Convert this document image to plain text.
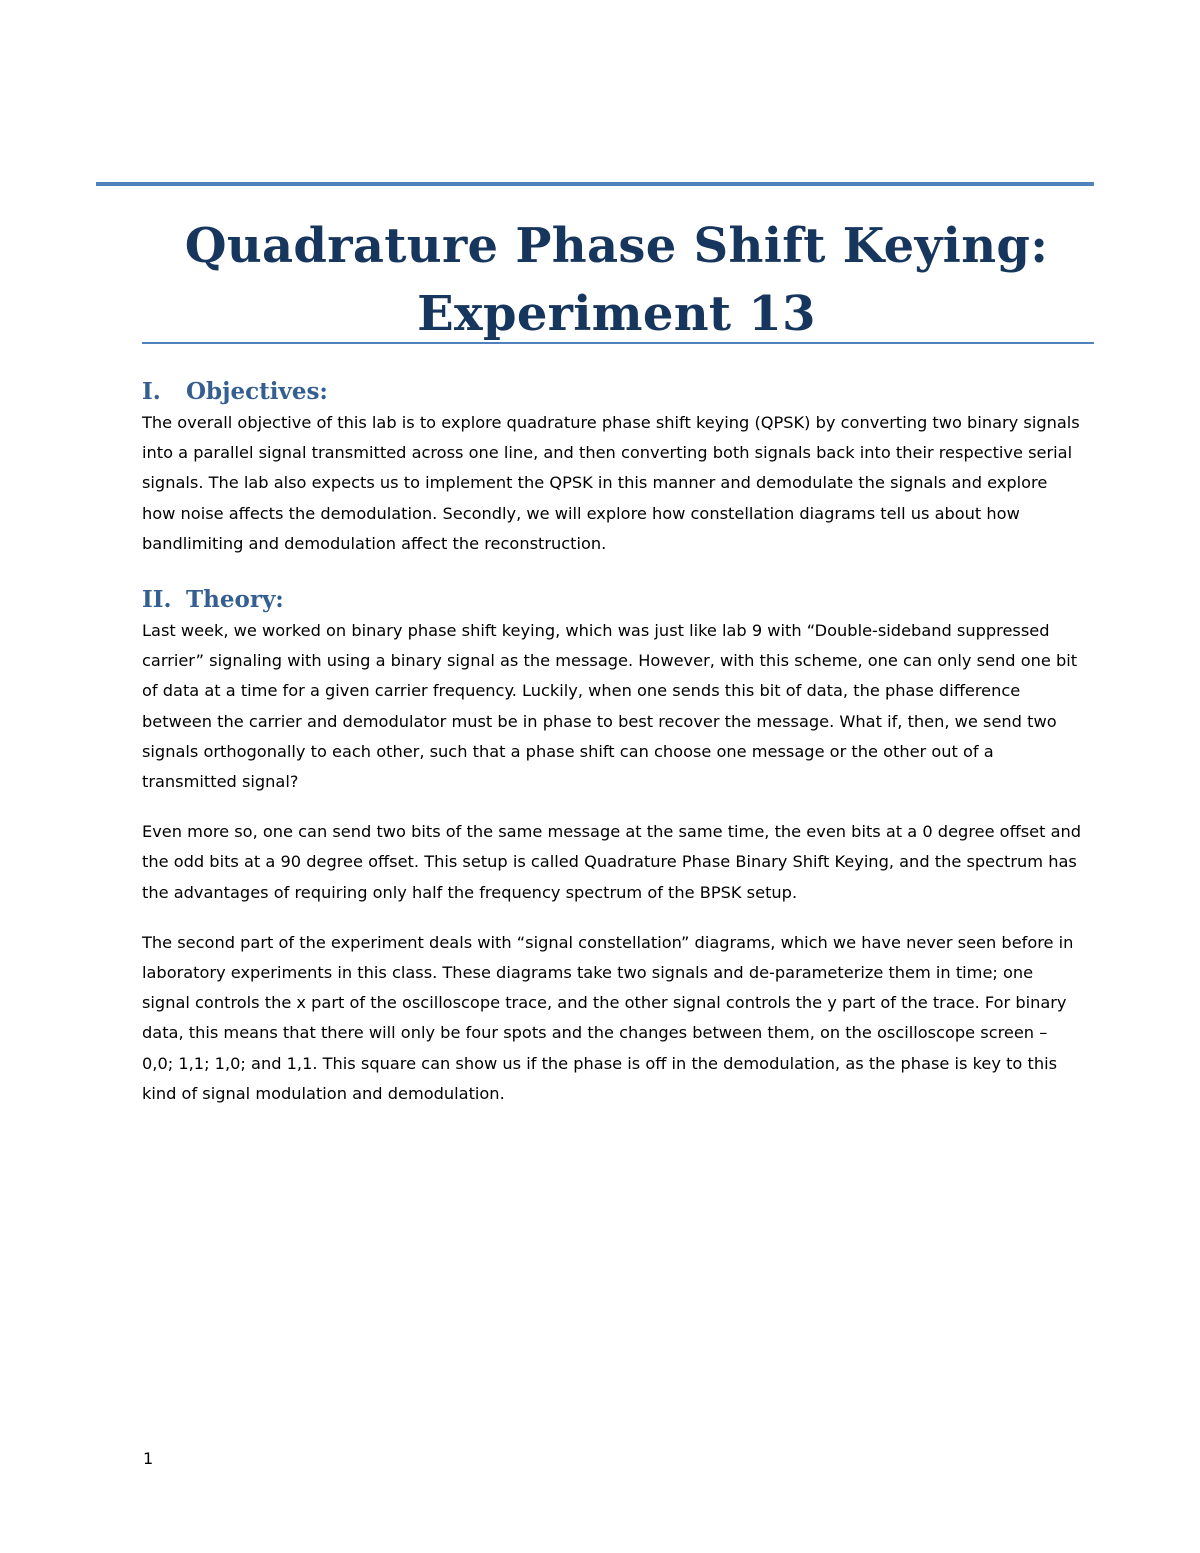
Quadrature Phase Shift Keying:
Experiment 13
I. Objectives:

The overall objective of this lab is to explore quadrature phase shift keying (QPSK) by converting two binary signals into a parallel signal transmitted across one line, and then converting both signals back into their respective serial signals. The lab also expects us to implement the QPSK in this manner and demodulate the signals and explore how noise affects the demodulation. Secondly, we will explore how constellation diagrams tell us about how bandlimiting and demodulation affect the reconstruction.

II. Theory:

Last week, we worked on binary phase shift keying, which was just like lab 9 with “Double-sideband suppressed carrier” signaling with using a binary signal as the message. However, with this scheme, one can only send one bit of data at a time for a given carrier frequency. Luckily, when one sends this bit of data, the phase difference between the carrier and demodulator must be in phase to best recover the message. What if, then, we send two signals orthogonally to each other, such that a phase shift can choose one message or the other out of a transmitted signal?

Even more so, one can send two bits of the same message at the same time, the even bits at a 0 degree offset and the odd bits at a 90 degree offset. This setup is called Quadrature Phase Binary Shift Keying, and the spectrum has the advantages of requiring only half the frequency spectrum of the BPSK setup.

The second part of the experiment deals with “signal constellation” diagrams, which we have never seen before in laboratory experiments in this class. These diagrams take two signals and de-parameterize them in time; one signal controls the x part of the oscilloscope trace, and the other signal controls the y part of the trace. For binary data, this means that there will only be four spots and the changes between them, on the oscilloscope screen – 0,0; 1,1; 1,0; and 1,1. This square can show us if the phase is off in the demodulation, as the phase is key to this kind of signal modulation and demodulation.

1
